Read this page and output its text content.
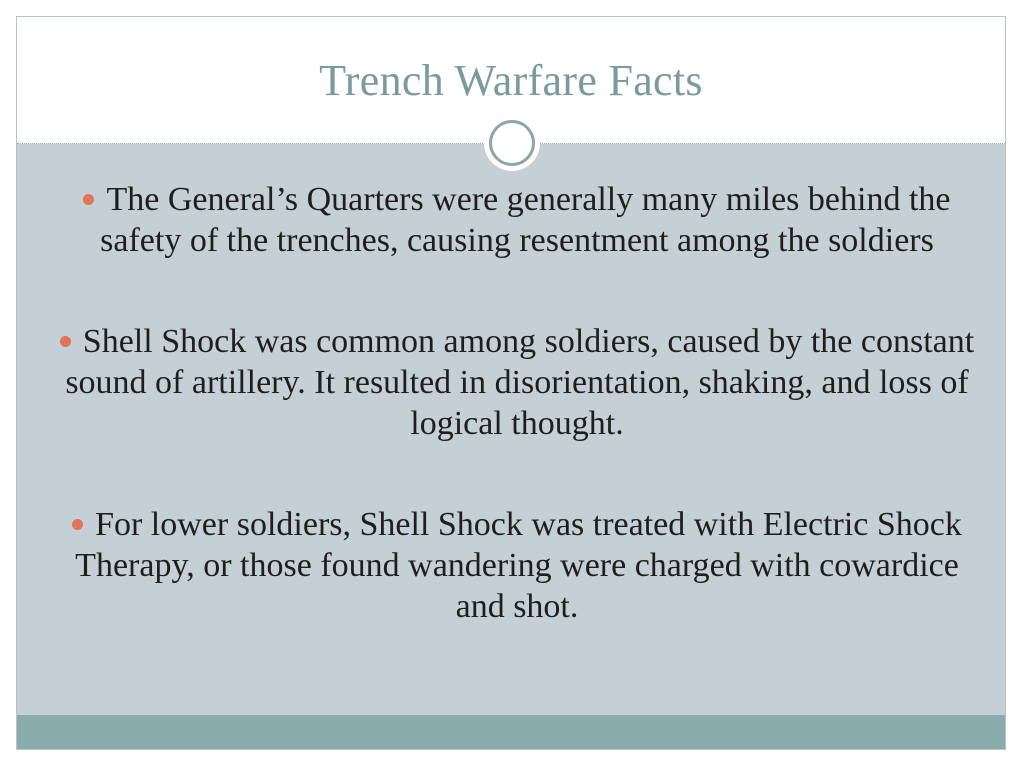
Trench Warfare Facts
The General’s Quarters were generally many miles behind the safety of the trenches, causing resentment among the soldiers
Shell Shock was common among soldiers, caused by the constant sound of artillery. It resulted in disorientation, shaking, and loss of logical thought.
For lower soldiers, Shell Shock was treated with Electric Shock Therapy, or those found wandering were charged with cowardice and shot.
